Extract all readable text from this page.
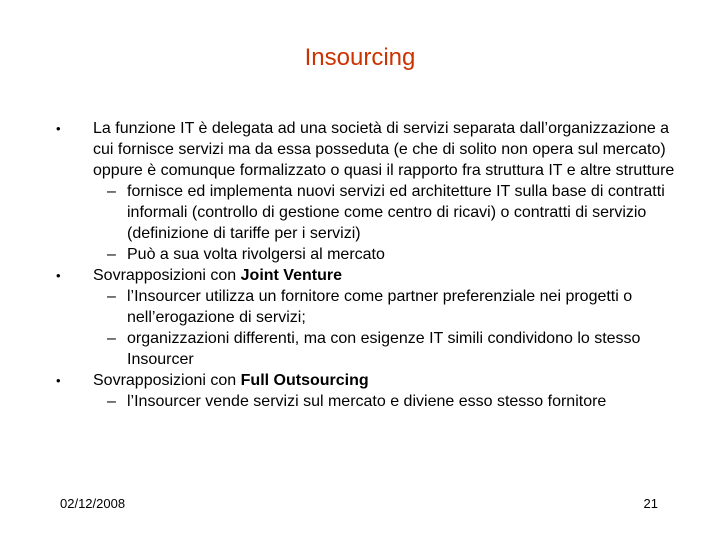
Insourcing
•	La funzione IT è delegata ad una società di servizi separata dall’organizzazione a cui fornisce servizi ma da essa posseduta (e che di solito non opera sul mercato) oppure è comunque formalizzato o quasi il rapporto fra struttura IT e altre strutture
– fornisce ed implementa nuovi servizi ed architetture IT sulla base di contratti informali (controllo di gestione come centro di ricavi) o contratti di servizio (definizione di tariffe per i servizi)
– Può a sua volta rivolgersi al mercato
•	Sovrapposizioni con Joint Venture
– l’Insourcer utilizza un fornitore come partner preferenziale nei progetti o nell’erogazione di servizi;
– organizzazioni differenti, ma con esigenze IT simili condividono lo stesso Insourcer
•	Sovrapposizioni con Full Outsourcing
– l’Insourcer vende servizi sul mercato e diviene esso stesso fornitore
02/12/2008	21
